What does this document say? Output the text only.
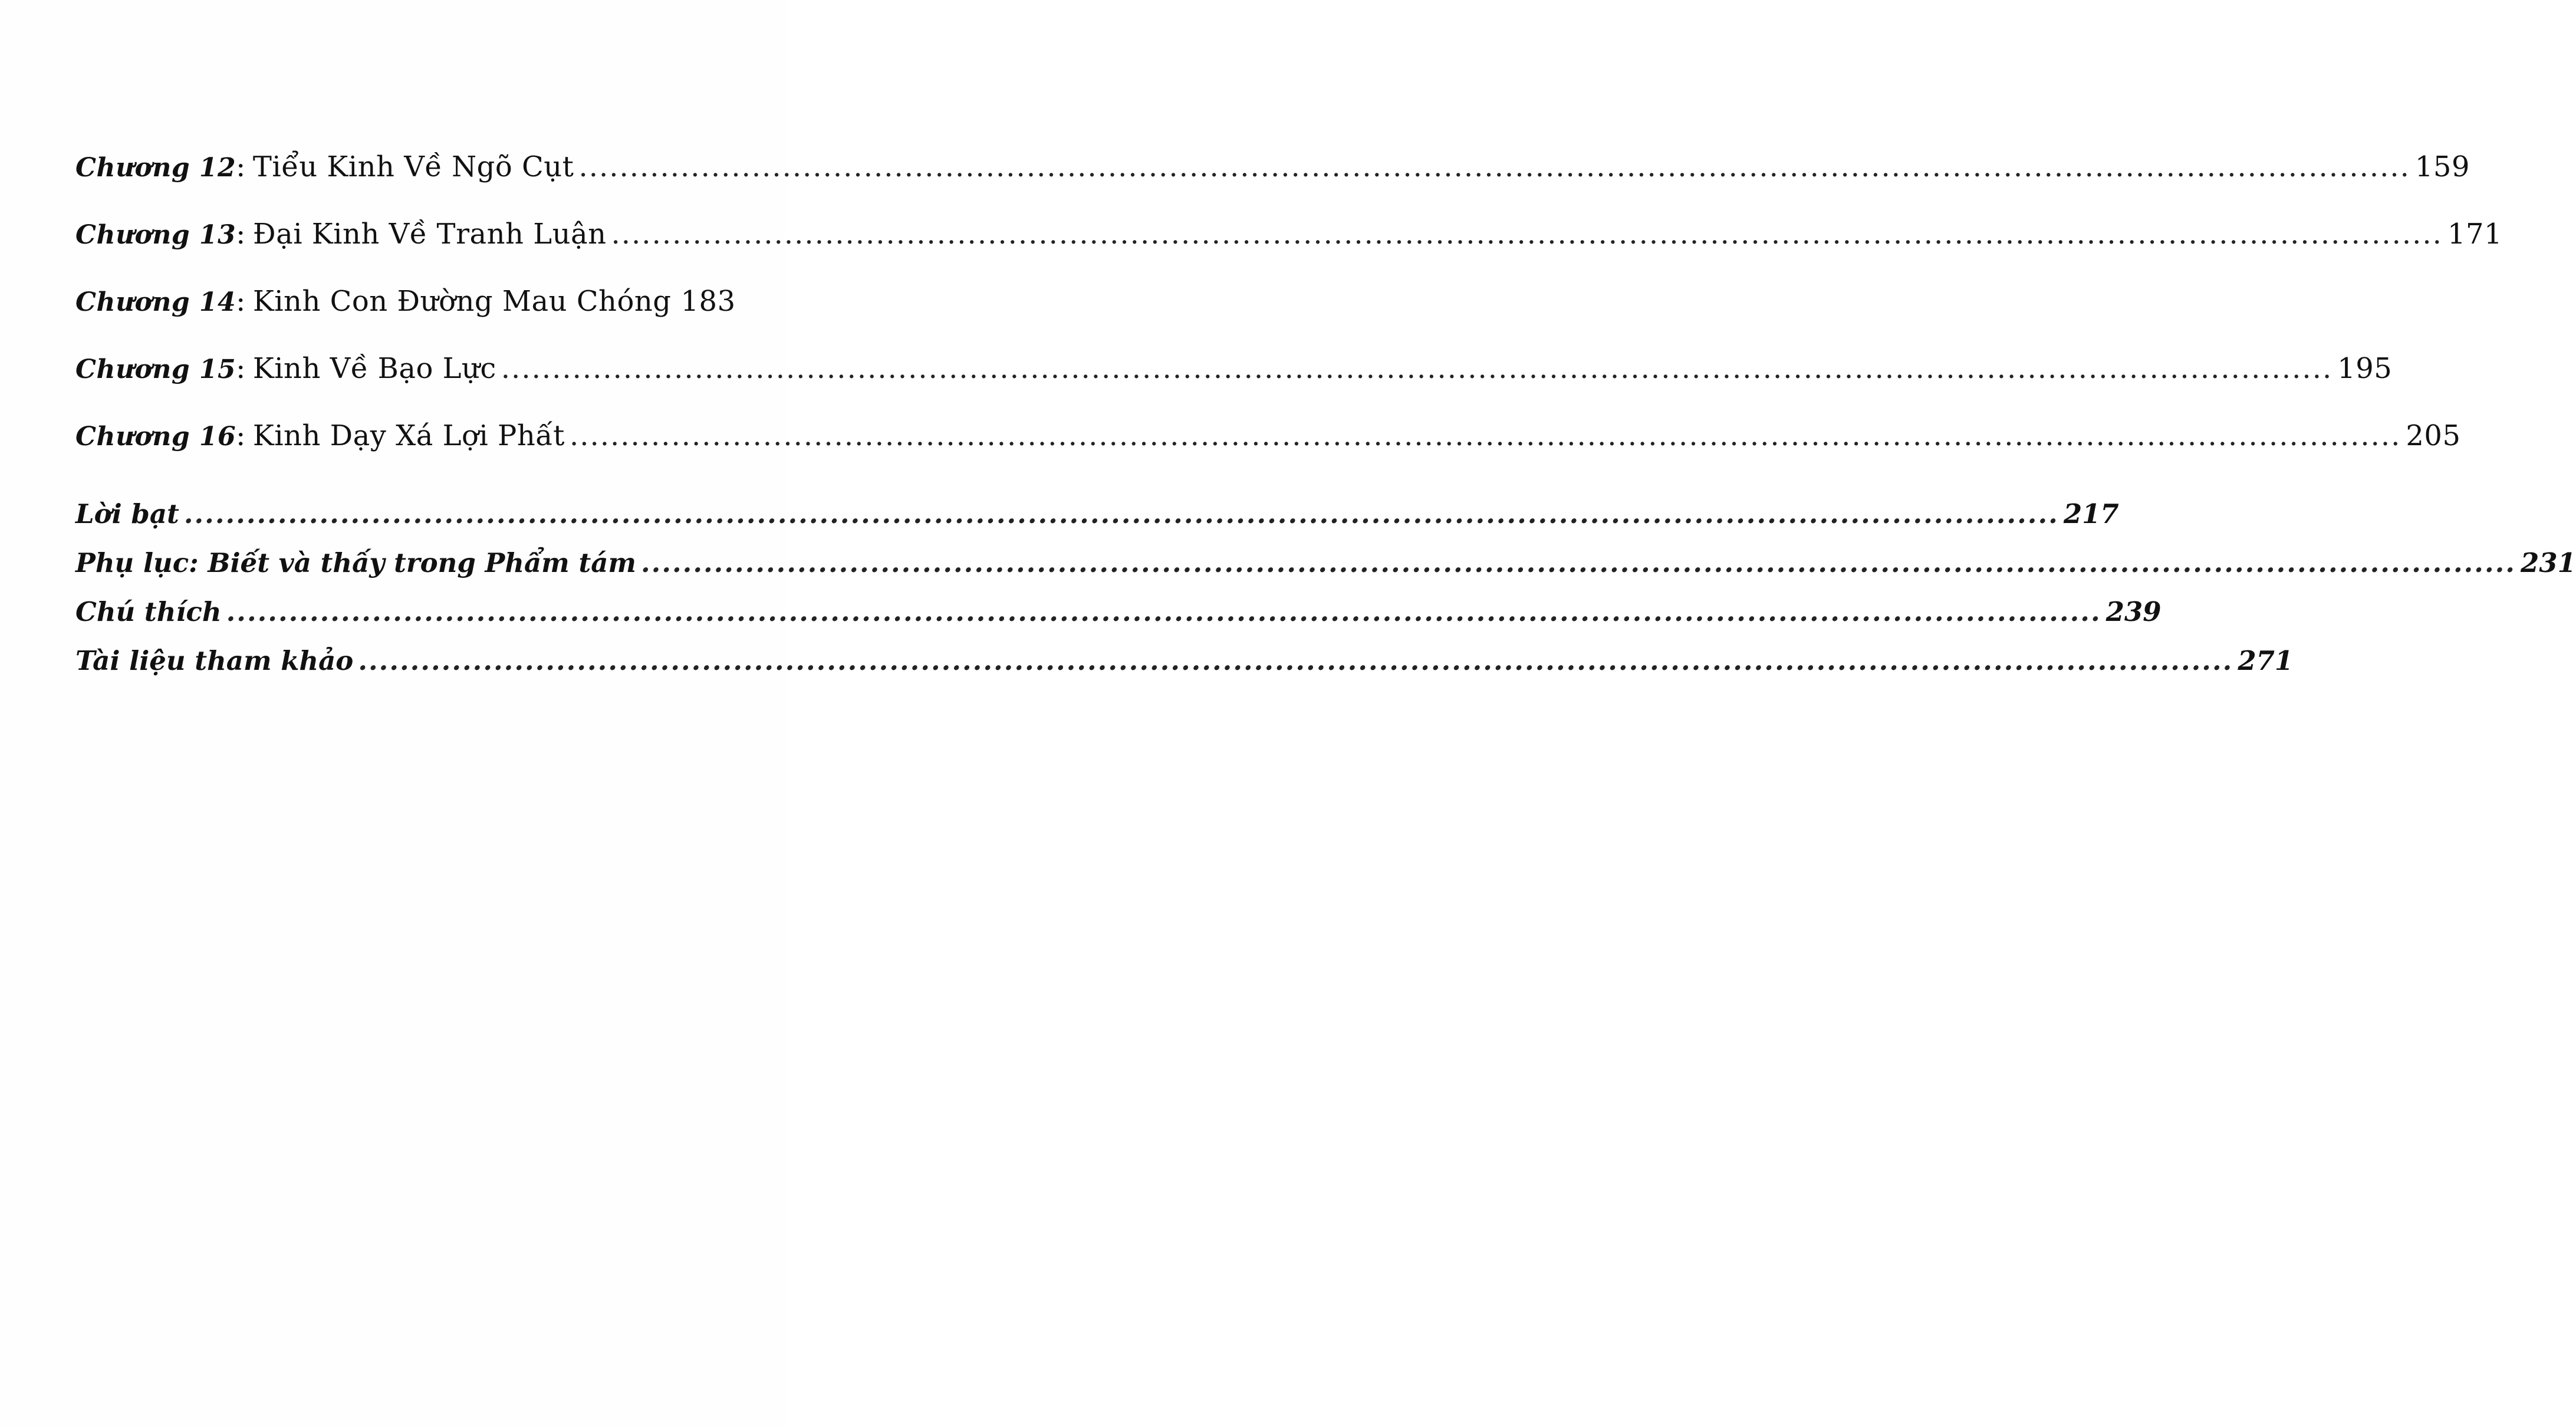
Chương 12 : Tiểu Kinh Về Ngõ Cụt .....	159
Chương 13 : Đại Kinh Về Tranh Luận .....	171
Chương 14 : Kinh Con Đường Mau Chóng 183
Chương 15 : Kinh Về Bạo Lực .....	195
Chương 16 : Kinh Dạy Xá Lợi Phất .....	205
Lời bạt .....	217
Phụ lục: Biết và thấy trong Phẩm tám .....	231
Chú thích .....	239
Tài liệu tham khảo .....	271
